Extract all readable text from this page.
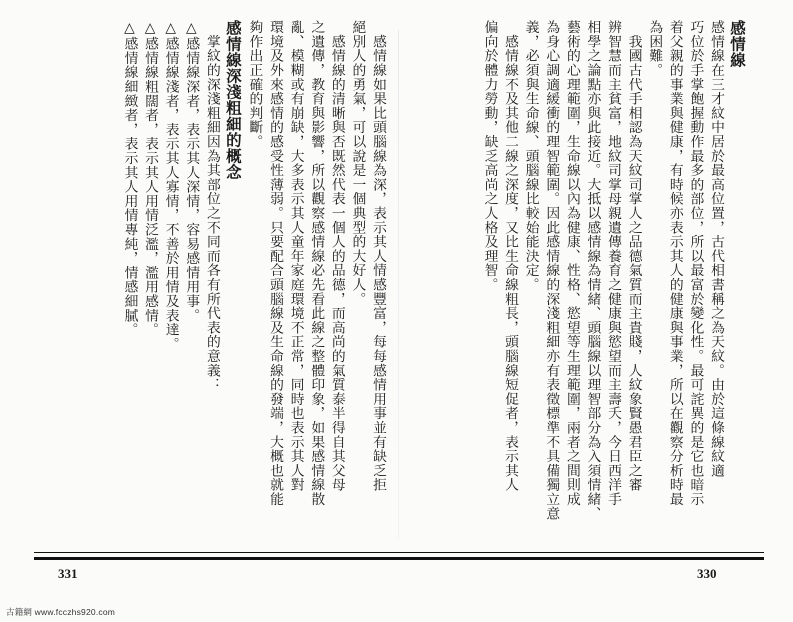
感情線
感情線在三才紋中居於最高位置，古代相書稱之為天紋。由於這條線紋適
巧位於手掌飽握動作最多的部位，所以最富於變化性。最可詫異的是它也暗示
着父親的事業與健康，有時候亦表示其人的健康與事業，所以在觀察分析時最
為困難。
　我國古代手相認為天紋司掌人之品德氣質而主貴賤，人紋象賢愚君臣之審
辨智慧而主貧富，地紋司掌母親遺傳養育之健康與慾望而主壽夭，今日西洋手
相學之論點亦與此接近。大抵以感情線為情緒、頭腦線以理智部分為入須情緒、
藝術的心理範圍，生命線以內為健康、性格、慾望等生理範圍，兩者之間則成
為身心調適緩衝的理智範圍。因此感情線的深淺粗細亦有表徵標準不具備獨立意
義，必須與生命線、頭腦線比較始能決定。
　感情線不及其他二線之深度，又比生命線粗長，頭腦線短促者，表示其人
偏向於體力勞動，缺乏高尚之人格及理智。
　感情線如果比頭腦線為深，表示其人情感豐富，每每感情用事並有缺乏拒
絕別人的勇氣，可以說是一個典型的大好人。
　感情線的清晰與否既然代表一個人的品德，而高尚的氣質泰半得自其父母
之遺傳，教育與影響，所以觀察感情線必先看此線之整體印象，如果感情線散
亂、模糊或有崩缺，大多表示其人童年家庭環境不正常，同時也表示其人對
環境及外來感情的感受性薄弱。只要配合頭腦線及生命線的發端，大概也就能
夠作出正確的判斷。
感情線深淺粗細的概念
　掌紋的深淺粗細因為其部位之不同而各有所代表的意義：
△感情線深者，表示其人深情，容易感情用事。
△感情線淺者，表示其人寡情，不善於用情及表達。
△感情線粗闊者，表示其人用情泛濫，濫用感情。
△感情線細緻者，表示其人用情專純，情感細膩。
331	330
古籍網 www.fcczhs920.com
